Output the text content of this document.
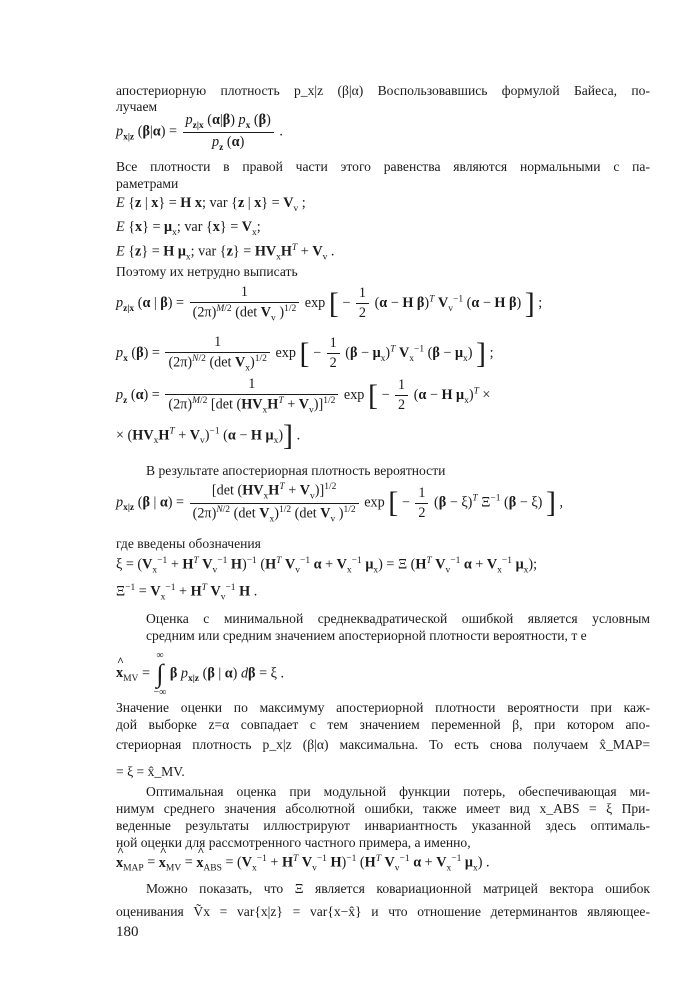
апостериорную плотность p_x|z (β|α) Воспользовавшись формулой Байеса, по-
лучаем
$p_{x|z}$ $(\beta|\alpha) = \frac{p_{z|x} (\alpha|\beta) p_x (\beta)}{p_z (\alpha)}$ .
Все плотности в правой части этого равенства являются нормальными с па-
раметрами
E {z | x} = H x; var {z | $x\} = V_v$ ;
E $\{x\} = \mu_x$; var $\{x\} = V_x$;
E {z} = H $\mu_x$; var $\{z\} = HV_xH^T + V_v$ .
Поэтому их нетрудно выписать
$p_{z|x}$ (α | $\beta) = \frac{1}{(2\pi)^{M/2} (\det V_v )^{1/2}}$ exp [ − $\frac{1}{2} (\alpha - H$ β)$^T$ $V_v^{-1}$ (α − H β) ] ;
$p_x$ $(\beta) = \frac{1}{(2\pi)^{N/2} (\det V_x)^{1/2}}$ exp [ − $\frac{1}{2} (\beta - \mu_x)^T$ $V_x^{-1}$ $(\beta - \mu_x)$ ] ;
$p_z$ $(\alpha) = \frac{1}{(2\pi)^{M/2} [\det (HV_xH^T + V_v)]^{1/2}}$ exp [ − $\frac{1}{2} (\alpha - H$ $\mu_x)^T$ ×
× $(HV_xH^T + V_v)^{-1}$ (α − H $\mu_x$)] .
В результате апостериорная плотность вероятности
$p_{x|z}$ (β | $\alpha) = \frac{[\det (HV_xH^T + V_v)]^{1/2}}{(2\pi)^{N/2} (\det V_x)^{1/2} (\det V_v )^{1/2}}$ exp [ − $\frac{1}{2} (\beta - \xi)^T$ $\Xi^{-1}$ (β − ξ) ] ,
где введены обозначения
$\xi = (V_x^{-1} + H^T$ $V_v^{-1}$ H)$^{-1}$ ($H^T$ $V_v^{-1}$ $\alpha + V_x^{-1}$ $\mu_x) = \Xi$ ($H^T$ $V_v^{-1}$ $\alpha + V_x^{-1}$ $\mu_x$);
$\Xi^{-1} = V_x^{-1} + H^T$ $V_v^{-1}$ H .
Оценка с минимальной среднеквадратической ошибкой является условным
средним или средним значением апостериорной плотности вероятности, т е
^ $x_{MV}$ = ∞
∫
−∞ β $p_{x|z}$ (β | α) dβ = ξ .
Значение оценки по максимуму апостериорной плотности вероятности при каж-
дой выборке z=α совпадает с тем значением переменной β, при котором апо-
стериорная плотность p_x|z (β|α) максимальна. То есть снова получаем x̂_MAP=
= ξ = x̂_MV.
Оптимальная оценка при модульной функции потерь, обеспечивающая ми-
нимум среднего значения абсолютной ошибки, также имеет вид x_ABS = ξ При-
веденные результаты иллюстрируют инвариантность указанной здесь оптималь-
ной оценки для рассмотренного частного примера, а именно,
^ $x_{MAP}$ = ^ $x_{MV}$ = ^ $x_{ABS} = (V_x^{-1} + H^T$ $V_v^{-1}$ H)$^{-1}$ ($H^T$ $V_v^{-1}$ $\alpha + V_x^{-1}$ $\mu_x$) .
Можно показать, что Ξ является ковариационной матрицей вектора ошибок
оценивания Ṽx = var{x|z} = var{x−x̂} и что отношение детерминантов являющее-
180
